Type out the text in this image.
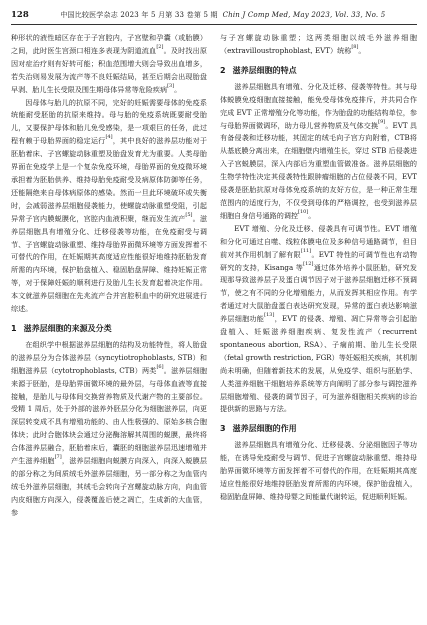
128	中国比较医学杂志 2023 年 5 月第 33 卷第 5 期 Chin J Comp Med, May 2023, Vol. 33, No. 5

种形状的液性暗区存在于子宫腔内，子宫壁和孕囊（或胎膜）之间，此时医生宫颈口相连多表现为阴道流血[2]。及时找出原因对症治疗则有好转可能；积血范围增大则会导致出血增多，若失治则易发展为流产等不良妊娠结局，甚至后期会出现胎盘早剥、胎儿生长受限及围生期母体异常等危险疾病[3]。

因母体与胎儿的抗原不同，完好的妊娠需要母体的免疫系统能耐受胚胎的抗原来维持。母与胎的免疫系统既要耐受胎儿，又要保护母体和胎儿免受感染，是一项艰巨的任务，此过程有赖于母胎界面的稳定运行[4]，其中良好的滋养层功能对于胚胎着床、子宫螺旋动脉重塑及胎盘发育尤为重要。人类母胎界面在免疫学上是一个复杂免疫环境，母胎界面的免疫微环境承担着为胚胎供养、维持母胎免疫耐受及病原体防御等任务，还能隔绝来自母体病原体的感染。然而一旦此环境破环或失衡时，会减弱滋养层细胞侵袭能力，使螺旋动脉重塑受阻，引起异常子宫内膜蜕膜化，宫腔内血液积聚，继而发生流产[5]。滋养层细胞具有增殖分化、迁移侵袭等功能，在免疫耐受与调节、子宫螺旋动脉重塑、维持母胎界面微环境等方面发挥着不可替代的作用，在妊娠期其高度适应性能很好地维持胚胎发育所需的内环境，保护胎盘植入、稳固胎盘屏障、维持妊娠正常等，对于保障妊娠的顺利进行及胎儿生长发育起着决定作用。本文就滋养层细胞在先兆流产合并宫腔积血中的研究进展进行综述。

1 滋养层细胞的来源及分类

在组织学中根据滋养层细胞的结构及功能特性，将人胎盘的滋养层分为合体滋养层（syncytiotrophoblasts, STB）和细胞滋养层（cytotrophoblasts, CTB）两类[6]。滋养层细胞来源于胚胎，是母胎界面微环境的最外层，与母体血液等直接接触，是胎儿与母体间交换营养物质及代谢产物的主要部位。受精 1 周后，处于外部的滋养外胚层分化为细胞滋养层，向更深层转变成不具有增殖功能的、由人性极强的、原始多核合胞体块；此时合胞体块会通过分泌酶溶解其周围的蜕膜，最终将合体滋养层融合，胚胎着床后，囊胚的细胞滋养层迅速增殖并产生滋养细胞[7]，滋养层细胞向蜕膜方向深入，向深入蜕膜层的部分称之为间质绒毛外滋养层细胞，另一部分称之为血管内绒毛外滋养层细胞，其绒毛会转向子宫螺旋动脉方向，向血管内皮细胞方向深入，侵袭覆盖后使之凋亡，生成新的大血管，参

与子宫螺旋动脉重塑；这两类细胞以绒毛外滋养细胞（extravilloustrophoblast, EVT）统称[8]。

2 滋养层细胞的特点

滋养层细胞具有增殖、分化及迁移、侵袭等特性。其与母体蜕膜免疫细胞直接接触，能免受母体免疫排斥，并共同合作完成 EVT 正常增殖分化等功能，作为胎盘的功能结构单位，参与母胎界面微调环，助力母儿营养物质及气体交换[9]。EVT 具有备侵袭和迁移功能，其固定的绒毛向子宫方向附着，CTB将从基底膜分离出来，在细胞壁内增殖生长，穿过 STB 后侵袭进入子宫蜕膜层，深入内部后为重塑血管做准备。滋养层细胞的生物学特性决定其侵袭特性跟肿瘤细胞的占位侵袭不同，EVT 侵袭是胚胎抗原对母体免疫系统的友好方位，是一种正常生理范围内的适度行为，不仅受到母体的严格调控，也受到滋养层细胞自身信号通路的调控[10]。

EVT 增殖、分化及迁移、侵袭具有可调节性。EVT 增殖和分化可通过自噬、线粒体膜电位及多种信号通路调节，但目前对其作用机制了解有限[11]。EVT 特性的可调节性也有动物研究的支持，Kisanga 等[12]通过体外培养小鼠胚胎，研究发现那导致滋养层子及蛋白调节因子对于滋养层细胞迁移不预调节，使之有不同的分化增殖能力，从而发挥其相应作用。有学者通过对大鼠胎盘蛋白表达研究发现，异常的蛋白表达影响滋养层细胞功能[13]，EVT 的侵袭、增殖、凋亡异常等会引起胎盘植入、妊娠滋养细胞疾病、复发性流产（recurrent spontaneous abortion, RSA）、子痫前期、胎儿生长受限（fetal growth restriction, FGR）等妊娠相关疾病，其机制尚未明确，但随着新技术的发展，从免疫学、组织与胚胎学、人类滋养细胞干细胞培养系统等方向阐明了部分参与调控滋养层细胞增殖、侵袭的调节因子，可为滋养细胞相关疾病的诊治提供新的思路与方法。

3 滋养层细胞的作用

滋养层细胞具有增殖分化、迁移侵袭、分泌细胞因子等功能，在诱导免疫耐受与调节、促进子宫螺旋动脉重塑、维持母胎界面微环境等方面发挥着不可替代的作用，在妊娠期其高度适应性能很好地维持胚胎发育所需的内环境，保护胎盘植入，稳固胎盘屏障、维持母婴之间能量代谢转运，促进顺利妊娠。
